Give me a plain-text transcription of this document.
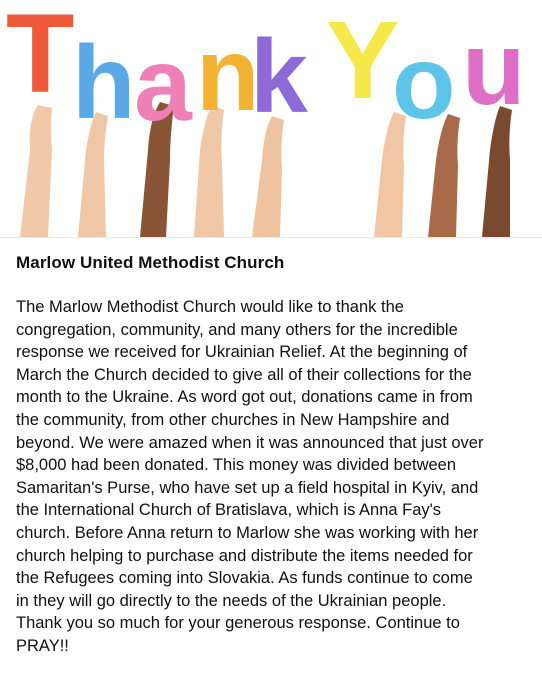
T
h
a n
k Y
o u
Marlow United Methodist Church

The Marlow Methodist Church would like to thank the
congregation, community, and many others for the incredible
response we received for Ukrainian Relief. At the beginning of
March the Church decided to give all of their collections for the
month to the Ukraine. As word got out, donations came in from
the community, from other churches in New Hampshire and
beyond. We were amazed when it was announced that just over
$8,000 had been donated. This money was divided between
Samaritan's Purse, who have set up a field hospital in Kyiv, and
the International Church of Bratislava, which is Anna Fay's
church. Before Anna return to Marlow she was working with her
church helping to purchase and distribute the items needed for
the Refugees coming into Slovakia. As funds continue to come
in they will go directly to the needs of the Ukrainian people.
Thank you so much for your generous response. Continue to
PRAY!!
